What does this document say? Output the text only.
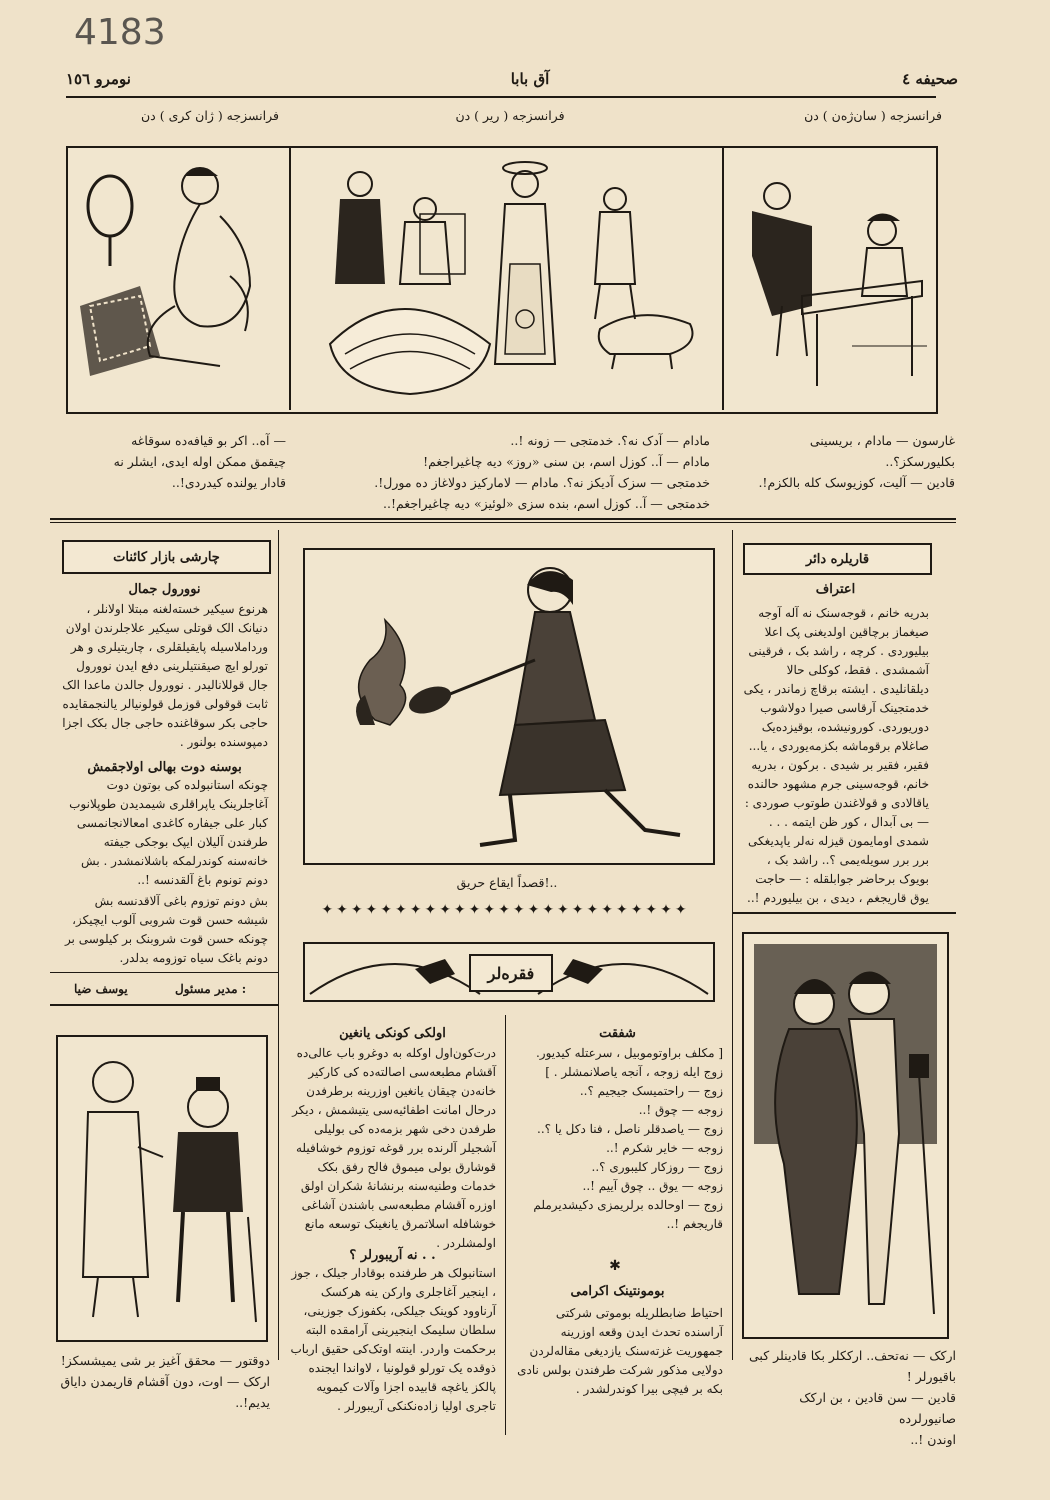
4183
نومرو ١٥٦	آق بابا	صحیفه ٤
فرانسزجه ( سان‌ژه‌ن ) دن
فرانسزجه ( ریر ) دن
فرانسزجه ( ژان کری ) دن
غارسون — مادام ، بریسینی
بکلیورسکز؟..
قادین — آلیت، کوزیوسک کله بالکزم!.
مادام — آدک نه؟. خدمتجی — زونه !..
مادام — آ.. کوزل اسم، بن سنی «روز» دیه چاغیراجغم!
خدمتجی — سزک آدیکز نه؟. مادام — لامارکیز دولاغاز ده مورل!.
خدمتجی — آ.. کوزل اسم، بنده سزی «لوئیز» دیه چاغیراجغم!..
— آه.. اکر بو قیافه‌ده سوقاغه
چیقمق ممکن اوله ایدی، ایشلر نه
قادار یولنده کیدردی!..
قاریلره دائر
اعتراف
بدریه خانم ، قوجه‌سنک نه آله آوجه صیغماز برچاقین اولدیغنی پک اعلا بیلیوردی . کرچه ، راشد بک ، فرقینی آشمشدی . فقط، کوکلی حالا دیلقانلیدی . ایشته برقاچ زماندر ، یکی خدمتجینک آرقاسی صیرا دولاشوب دوریوردی. کورونیشده، بوقیزده‌یک صاغلام برقوماشه بکزمه‌یوردی ، یا... فقیر، فقیر بر شیدی . برکون ، بدریه خانم، قوجه‌سینی جرم مشهود حالنده یاقالادی و قولاغندن طوتوب صوردی : — بی آبدال ، کور ظن ایتمه . . . شمدی اومایمون قیزله نه‌لر یاپدیغکی برر برر سویله‌یمی ؟.. راشد بک ، بویوک برحاضر جوابلقله : — حاجت یوق قاریجغم ، دیدی ، بن بیلیوردم !..
ارکک — نه‌تحف.. ارککلر بکا قادینلر کبی
باقیورلر !
قادین — سن قادین ، بن ارکک صانیورلرده
اوندن !..
قصداً ایقاع حریق!..
✦✦✦✦✦✦✦✦✦✦✦✦✦✦✦✦✦✦✦✦✦✦✦✦✦
فقره‌لر
اولکی کونکی یانغین
درت‌کون‌اول اوکله به دوغرو باب عالی‌ده آقشام مطبعه‌سی اصالته‌ده کی کارکیر خانه‌دن چیقان یانغین اوزرینه برطرفدن درحال امانت اطفائیه‌سی یتیشمش ، دیکر طرفدن دخی شهر بزمه‌ده کی بولیلی آشجیلر آلرنده برر قوغه توزوم خوشافیله قوشارق بولی میموق فالح رفق بکک خدمات وطنیه‌سنه برنشانۀ شکران اولق اوزره آقشام مطبعه‌سی باشندن آشاغی خوشافله اسلاتمرق یانغینک توسعه مانع اولمشلردر .
نه آریبورلر ؟ . .
استانبولک هر طرفنده بوقادار جیلک ، جوز ، اینجیر آغاجلری وارکن ینه هرکسک آرناوود کوینک جیلکی، بکفوزک جوزینی، سلطان سلیمک اینجیرینی آرامقده البته برحکمت واردر. اینته اوتک‌کی حقیق ارباب ذوقده یک تورلو قولونیا ، لاواندا ایجنده پالکز یاغچه قابیده اجزا وآلات کیمویه تاجری اولیا زاده‌نکنکی آریبورلر .
شفقت
[ مکلف براوتوموبیل ، سرعتله کیدیور.
زوج ایله زوجه ، آنجه یاصلانمشلر . ]
زوج — راحتمیسک جیجیم ؟..
زوجه — چوق !..
زوج — یاصدقلر ناصل ، فنا دکل یا ؟..
زوجه — خایر شکرم !..
زوج — روزکار کلیبوری ؟..
زوجه — یوق .. چوق آییم !..
زوج — اوحالده برلریمزی دکیشدیرملم
قاریجغم !..
✱
بومونتینک اکرامی
احتیاط ضابطلریله بوموتی شرکتی آراسنده تحدث ایدن وقعه اوزرینه جمهوریت غزته‌سنک یازدیغی مقاله‌لردن دولایی مذکور شرکت طرفندن بولس نادی بکه بر فیچی بیرا کوندرلشدر .
چارشی بازار کائنات
نوورول جمال
هرنوع سیکیر خسته‌لغنه مبتلا اولانلر ، دنیانک الک قوتلی سیکیر علاجلرندن اولان ورداملاسیله پایقیلقلری ، چاریتیلری و هر تورلو ایچ صیقنتیلرینی دفع ایدن نوورول جال قوللانالیدر . نوورول جالدن ماعدا الک ثابت قوقولی قوزمل قولونیالر یالنجمقایده حاجی بکر سوقاغنده حاجی جال بکک اجزا دمپوسنده بولنور .
بوسنه دوت بهالی اولاجقمش
چونکه استانبولده کی بوتون دوت آغاجلرینک یاپراقلری شیمدیدن طوپلانوب کبار علی جیفاره کاغدی امعالانجانمسی طرفندن آلیلان ایپک بوجکی جیفته خانه‌سنه کوندرلمکه باشلانمشدر . بش دونم تونوم باغ آلقدنسه !..
بش دونم توزوم باغی آلاقدنسه بش شیشه حسن قوت شروبی آلوب ایچیکز، چونکه حسن قوت شروبنک بر کیلوسی بر دونم باغک سیاه توزومه بدلدر.
یوسف ضیا	مدیر مسئول :
دوقتور — محقق آغیز بر شی یمیشسکز!
ارکک — اوت، دون آقشام قاریمدن دایاق
یدیم!..
